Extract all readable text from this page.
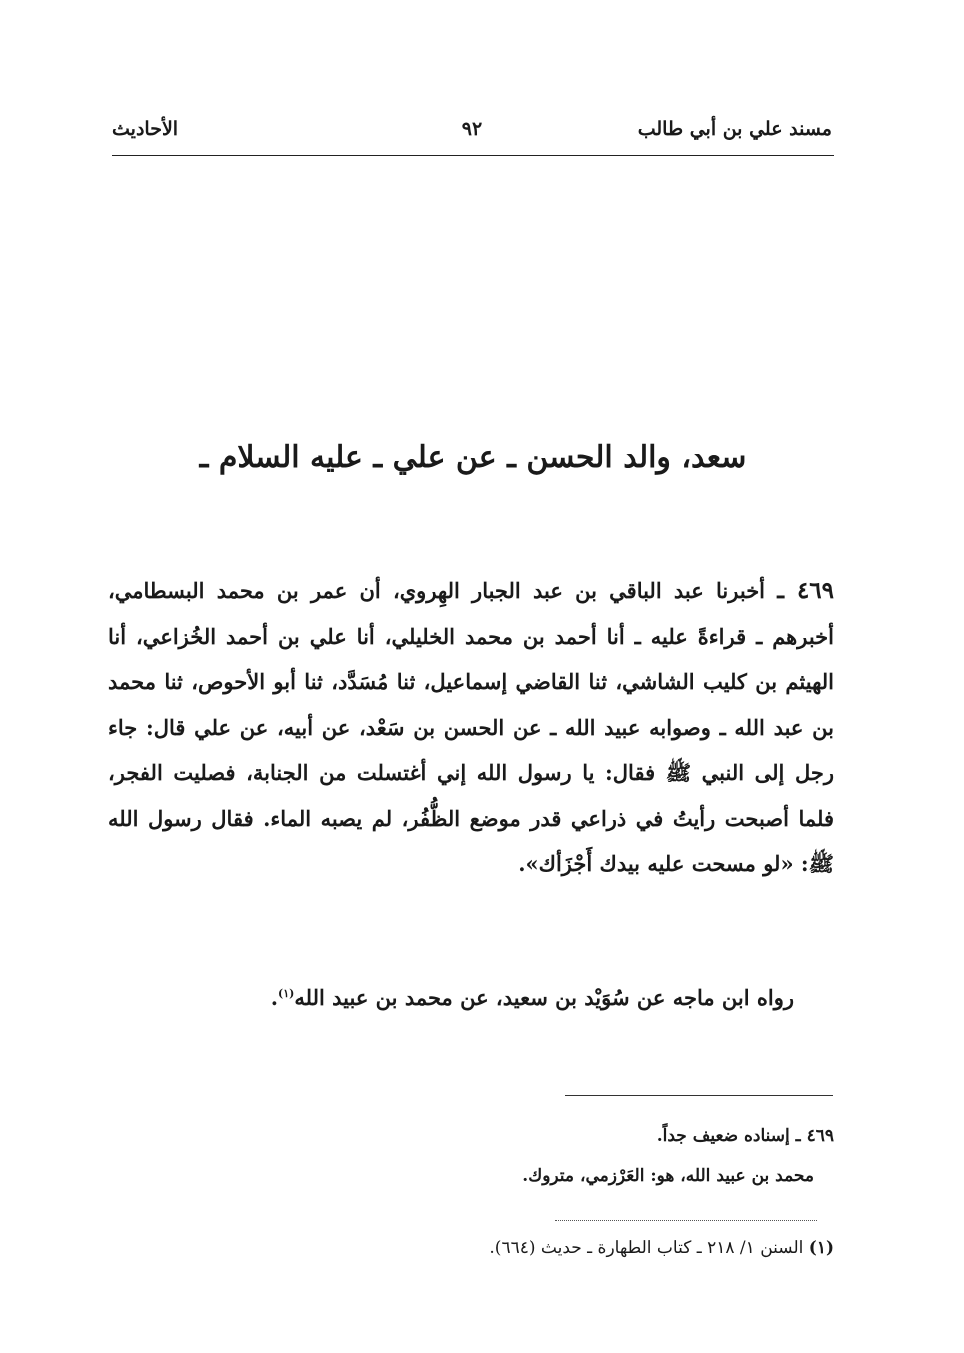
مسند علي بن أبي طالب
٩٢
الأحاديث
سعد، والد الحسن ـ عن علي ـ عليه السلام ـ
٤٦٩ ـ أخبرنا عبد الباقي بن عبد الجبار الهِروي، أن عمر بن محمد البسطامي، أخبرهم ـ قراءةً عليه ـ أنا أحمد بن محمد الخليلي، أنا علي بن أحمد الخُزاعي، أنا الهيثم بن كليب الشاشي، ثنا القاضي إسماعيل، ثنا مُسَدَّد، ثنا أبو الأحوص، ثنا محمد بن عبد الله ـ وصوابه عبيد الله ـ عن الحسن بن سَعْد، عن أبيه، عن علي قال: جاء رجل إلى النبي ﷺ فقال: يا رسول الله إني أغتسلت من الجنابة، فصليت الفجر، فلما أصبحت رأيتُ في ذراعي قدر موضع الظُّفُر، لم يصبه الماء. فقال رسول الله ﷺ: «لو مسحت عليه بيدك أَجْزَأك».
رواه ابن ماجه عن سُوَيْد بن سعيد، عن محمد بن عبيد الله$^{(١)}$.
٤٦٩ ـ إسناده ضعيف جداً.
محمد بن عبيد الله، هو: العَرْزمي، متروك.
(١) السنن ١/ ٢١٨ ـ كتاب الطهارة ـ حديث (٦٦٤).
